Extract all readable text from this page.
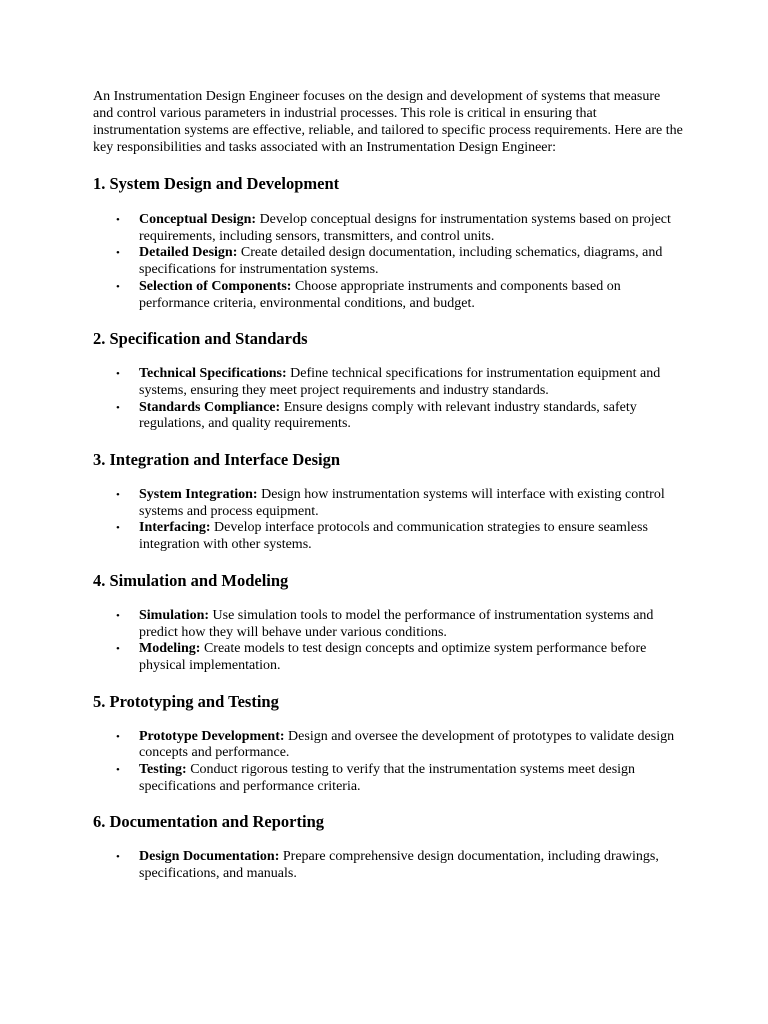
An Instrumentation Design Engineer focuses on the design and development of systems that measure and control various parameters in industrial processes. This role is critical in ensuring that instrumentation systems are effective, reliable, and tailored to specific process requirements. Here are the key responsibilities and tasks associated with an Instrumentation Design Engineer:

1. System Design and Development
• Conceptual Design: Develop conceptual designs for instrumentation systems based on project requirements, including sensors, transmitters, and control units.
• Detailed Design: Create detailed design documentation, including schematics, diagrams, and specifications for instrumentation systems.
• Selection of Components: Choose appropriate instruments and components based on performance criteria, environmental conditions, and budget.
2. Specification and Standards
• Technical Specifications: Define technical specifications for instrumentation equipment and systems, ensuring they meet project requirements and industry standards.
• Standards Compliance: Ensure designs comply with relevant industry standards, safety regulations, and quality requirements.
3. Integration and Interface Design
• System Integration: Design how instrumentation systems will interface with existing control systems and process equipment.
• Interfacing: Develop interface protocols and communication strategies to ensure seamless integration with other systems.
4. Simulation and Modeling
• Simulation: Use simulation tools to model the performance of instrumentation systems and predict how they will behave under various conditions.
• Modeling: Create models to test design concepts and optimize system performance before physical implementation.
5. Prototyping and Testing
• Prototype Development: Design and oversee the development of prototypes to validate design concepts and performance.
• Testing: Conduct rigorous testing to verify that the instrumentation systems meet design specifications and performance criteria.
6. Documentation and Reporting
• Design Documentation: Prepare comprehensive design documentation, including drawings, specifications, and manuals.
